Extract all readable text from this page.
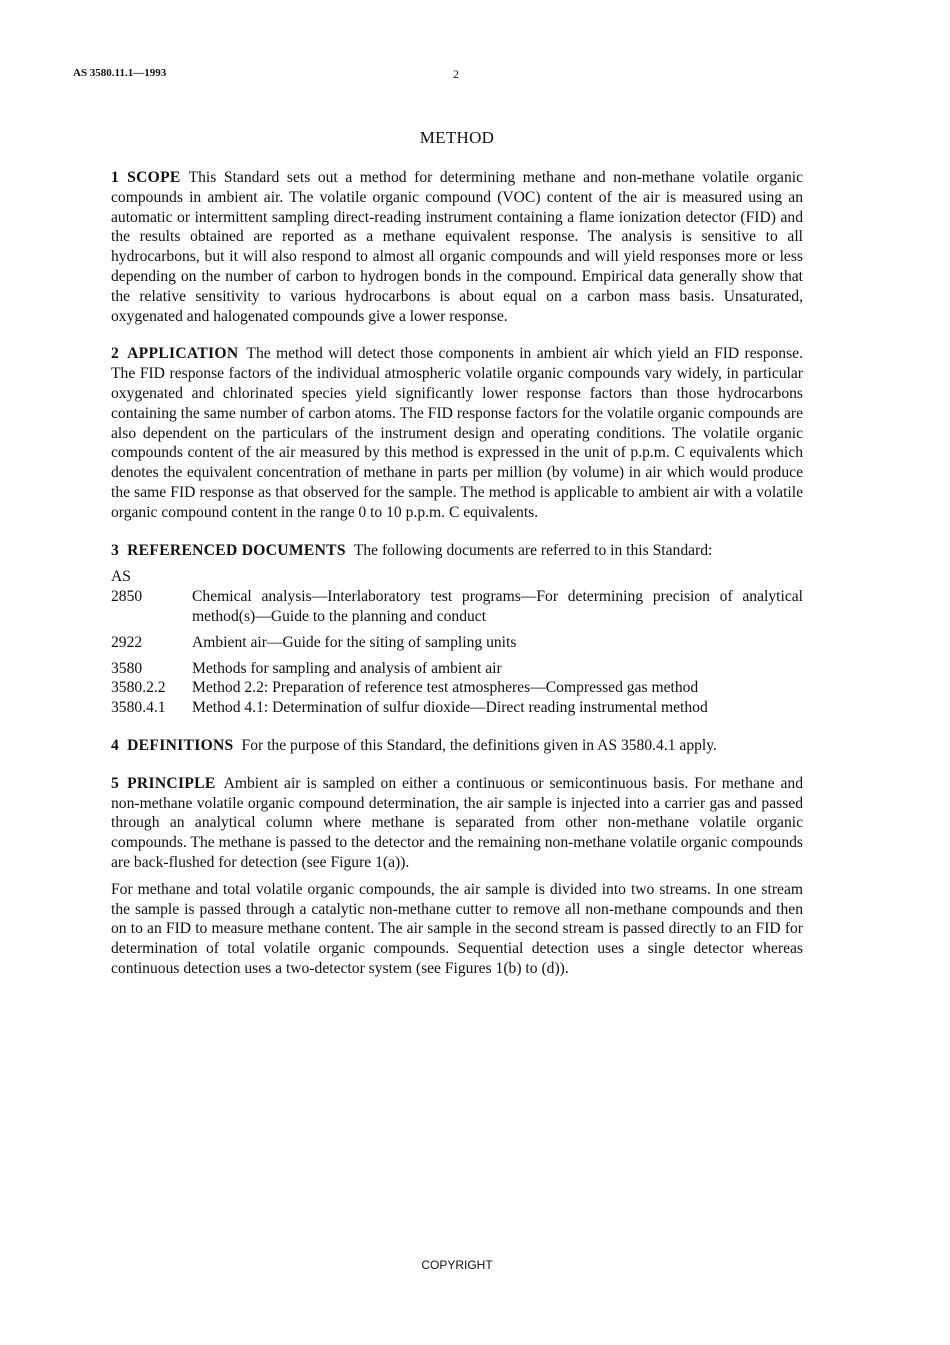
AS 3580.11.1—1993	2
METHOD

1 SCOPE This Standard sets out a method for determining methane and non-methane volatile organic compounds in ambient air. The volatile organic compound (VOC) content of the air is measured using an automatic or intermittent sampling direct-reading instrument containing a flame ionization detector (FID) and the results obtained are reported as a methane equivalent response. The analysis is sensitive to all hydrocarbons, but it will also respond to almost all organic compounds and will yield responses more or less depending on the number of carbon to hydrogen bonds in the compound. Empirical data generally show that the relative sensitivity to various hydrocarbons is about equal on a carbon mass basis. Unsaturated, oxygenated and halogenated compounds give a lower response.

2 APPLICATION The method will detect those components in ambient air which yield an FID response. The FID response factors of the individual atmospheric volatile organic compounds vary widely, in particular oxygenated and chlorinated species yield significantly lower response factors than those hydrocarbons containing the same number of carbon atoms. The FID response factors for the volatile organic compounds are also dependent on the particulars of the instrument design and operating conditions. The volatile organic compounds content of the air measured by this method is expressed in the unit of p.p.m. C equivalents which denotes the equivalent concentration of methane in parts per million (by volume) in air which would produce the same FID response as that observed for the sample. The method is applicable to ambient air with a volatile organic compound content in the range 0 to 10 p.p.m. C equivalents.

3 REFERENCED DOCUMENTS The following documents are referred to in this Standard:

AS
2850	Chemical analysis—Interlaboratory test programs—For determining precision of analytical method(s)—Guide to the planning and conduct
2922	Ambient air—Guide for the siting of sampling units
3580	Methods for sampling and analysis of ambient air
3580.2.2	Method 2.2: Preparation of reference test atmospheres—Compressed gas method
3580.4.1	Method 4.1: Determination of sulfur dioxide—Direct reading instrumental method

4 DEFINITIONS For the purpose of this Standard, the definitions given in AS 3580.4.1 apply.

5 PRINCIPLE Ambient air is sampled on either a continuous or semicontinuous basis. For methane and non-methane volatile organic compound determination, the air sample is injected into a carrier gas and passed through an analytical column where methane is separated from other non-methane volatile organic compounds. The methane is passed to the detector and the remaining non-methane volatile organic compounds are back-flushed for detection (see Figure 1(a)).

For methane and total volatile organic compounds, the air sample is divided into two streams. In one stream the sample is passed through a catalytic non-methane cutter to remove all non-methane compounds and then on to an FID to measure methane content. The air sample in the second stream is passed directly to an FID for determination of total volatile organic compounds. Sequential detection uses a single detector whereas continuous detection uses a two-detector system (see Figures 1(b) to (d)).

COPYRIGHT
